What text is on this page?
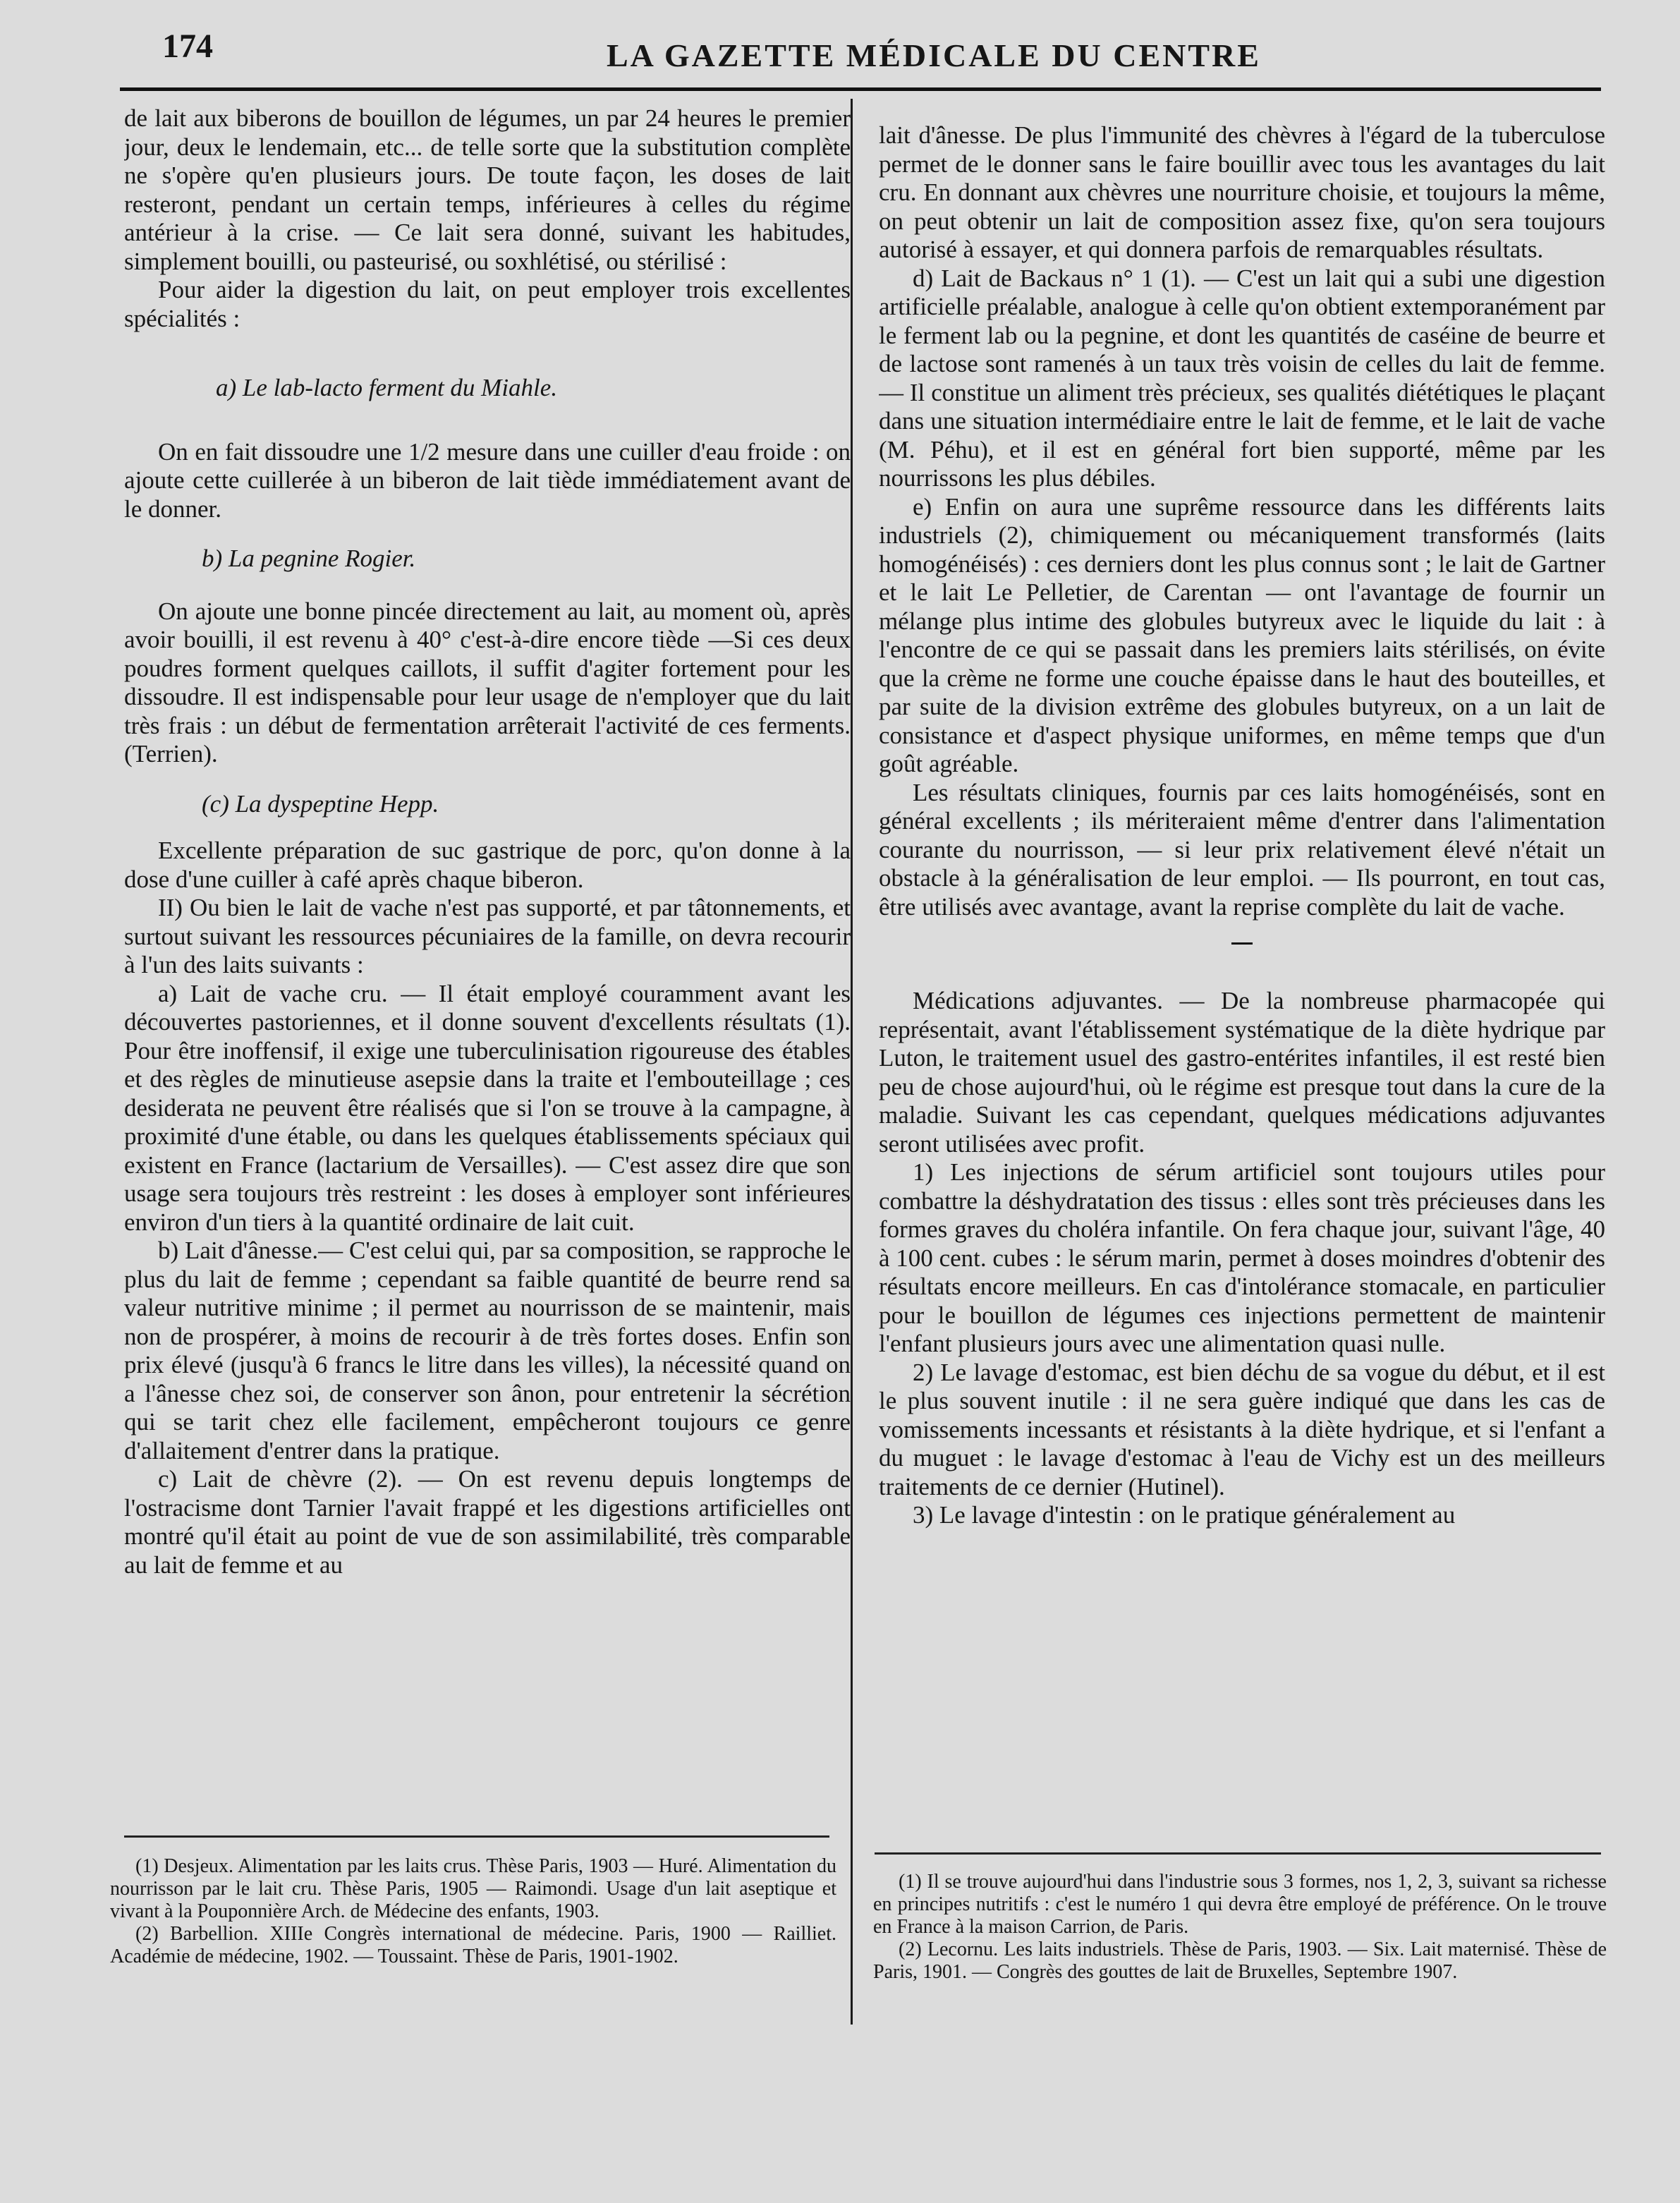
174	LA GAZETTE MÉDICALE DU CENTRE

de lait aux biberons de bouillon de légumes, un par 24 heures le premier jour, deux le lendemain, etc... de telle sorte que la substitution complète ne s'opère qu'en plusieurs jours. De toute façon, les doses de lait resteront, pendant un certain temps, inférieures à celles du régime antérieur à la crise. — Ce lait sera donné, suivant les habitudes, simplement bouilli, ou pasteurisé, ou soxhlétisé, ou stérilisé :

Pour aider la digestion du lait, on peut employer trois excellentes spécialités :

a) Le lab-lacto ferment du Miahle.

On en fait dissoudre une 1/2 mesure dans une cuiller d'eau froide : on ajoute cette cuillerée à un biberon de lait tiède immédiatement avant de le donner.

b) La pegnine Rogier.

On ajoute une bonne pincée directement au lait, au moment où, après avoir bouilli, il est revenu à 40° c'est-à-dire encore tiède —Si ces deux poudres forment quelques caillots, il suffit d'agiter fortement pour les dissoudre. Il est indispensable pour leur usage de n'employer que du lait très frais : un début de fermentation arrêterait l'activité de ces ferments. (Terrien).

(c) La dyspeptine Hepp.

Excellente préparation de suc gastrique de porc, qu'on donne à la dose d'une cuiller à café après chaque biberon.

II) Ou bien le lait de vache n'est pas supporté, et par tâtonnements, et surtout suivant les ressources pécuniaires de la famille, on devra recourir à l'un des laits suivants :

a) Lait de vache cru. — Il était employé couramment avant les découvertes pastoriennes, et il donne souvent d'excellents résultats (1). Pour être inoffensif, il exige une tuberculinisation rigoureuse des étables et des règles de minutieuse asepsie dans la traite et l'embouteillage ; ces desiderata ne peuvent être réalisés que si l'on se trouve à la campagne, à proximité d'une étable, ou dans les quelques établissements spéciaux qui existent en France (lactarium de Versailles). — C'est assez dire que son usage sera toujours très restreint : les doses à employer sont inférieures environ d'un tiers à la quantité ordinaire de lait cuit.

b) Lait d'ânesse.— C'est celui qui, par sa composition, se rapproche le plus du lait de femme ; cependant sa faible quantité de beurre rend sa valeur nutritive minime ; il permet au nourrisson de se maintenir, mais non de prospérer, à moins de recourir à de très fortes doses. Enfin son prix élevé (jusqu'à 6 francs le litre dans les villes), la nécessité quand on a l'ânesse chez soi, de conserver son ânon, pour entretenir la sécrétion qui se tarit chez elle facilement, empêcheront toujours ce genre d'allaitement d'entrer dans la pratique.

c) Lait de chèvre (2). — On est revenu depuis longtemps de l'ostracisme dont Tarnier l'avait frappé et les digestions artificielles ont montré qu'il était au point de vue de son assimilabilité, très comparable au lait de femme et au

lait d'ânesse. De plus l'immunité des chèvres à l'égard de la tuberculose permet de le donner sans le faire bouillir avec tous les avantages du lait cru. En donnant aux chèvres une nourriture choisie, et toujours la même, on peut obtenir un lait de composition assez fixe, qu'on sera toujours autorisé à essayer, et qui donnera parfois de remarquables résultats.

d) Lait de Backaus n° 1 (1). — C'est un lait qui a subi une digestion artificielle préalable, analogue à celle qu'on obtient extemporanément par le ferment lab ou la pegnine, et dont les quantités de caséine de beurre et de lactose sont ramenés à un taux très voisin de celles du lait de femme. — Il constitue un aliment très précieux, ses qualités diététiques le plaçant dans une situation intermédiaire entre le lait de femme, et le lait de vache (M. Péhu), et il est en général fort bien supporté, même par les nourrissons les plus débiles.

e) Enfin on aura une suprême ressource dans les différents laits industriels (2), chimiquement ou mécaniquement transformés (laits homogénéisés) : ces derniers dont les plus connus sont ; le lait de Gartner et le lait Le Pelletier, de Carentan — ont l'avantage de fournir un mélange plus intime des globules butyreux avec le liquide du lait : à l'encontre de ce qui se passait dans les premiers laits stérilisés, on évite que la crème ne forme une couche épaisse dans le haut des bouteilles, et par suite de la division extrême des globules butyreux, on a un lait de consistance et d'aspect physique uniformes, en même temps que d'un goût agréable.

Les résultats cliniques, fournis par ces laits homogénéisés, sont en général excellents ; ils mériteraient même d'entrer dans l'alimentation courante du nourrisson, — si leur prix relativement élevé n'était un obstacle à la généralisation de leur emploi. — Ils pourront, en tout cas, être utilisés avec avantage, avant la reprise complète du lait de vache.

Médications adjuvantes. — De la nombreuse pharmacopée qui représentait, avant l'établissement systématique de la diète hydrique par Luton, le traitement usuel des gastro-entérites infantiles, il est resté bien peu de chose aujourd'hui, où le régime est presque tout dans la cure de la maladie. Suivant les cas cependant, quelques médications adjuvantes seront utilisées avec profit.

1) Les injections de sérum artificiel sont toujours utiles pour combattre la déshydratation des tissus : elles sont très précieuses dans les formes graves du choléra infantile. On fera chaque jour, suivant l'âge, 40 à 100 cent. cubes : le sérum marin, permet à doses moindres d'obtenir des résultats encore meilleurs. En cas d'intolérance stomacale, en particulier pour le bouillon de légumes ces injections permettent de maintenir l'enfant plusieurs jours avec une alimentation quasi nulle.

2) Le lavage d'estomac, est bien déchu de sa vogue du début, et il est le plus souvent inutile : il ne sera guère indiqué que dans les cas de vomissements incessants et résistants à la diète hydrique, et si l'enfant a du muguet : le lavage d'estomac à l'eau de Vichy est un des meilleurs traitements de ce dernier (Hutinel).

3) Le lavage d'intestin : on le pratique généralement au

(1) Desjeux. Alimentation par les laits crus. Thèse Paris, 1903 — Huré. Alimentation du nourrisson par le lait cru. Thèse Paris, 1905 — Raimondi. Usage d'un lait aseptique et vivant à la Pouponnière Arch. de Médecine des enfants, 1903.

(2) Barbellion. XIIIe Congrès international de médecine. Paris, 1900 — Railliet. Académie de médecine, 1902. — Toussaint. Thèse de Paris, 1901-1902.

(1) Il se trouve aujourd'hui dans l'industrie sous 3 formes, nos 1, 2, 3, suivant sa richesse en principes nutritifs : c'est le numéro 1 qui devra être employé de préférence. On le trouve en France à la maison Carrion, de Paris.

(2) Lecornu. Les laits industriels. Thèse de Paris, 1903. — Six. Lait maternisé. Thèse de Paris, 1901. — Congrès des gouttes de lait de Bruxelles, Septembre 1907.
